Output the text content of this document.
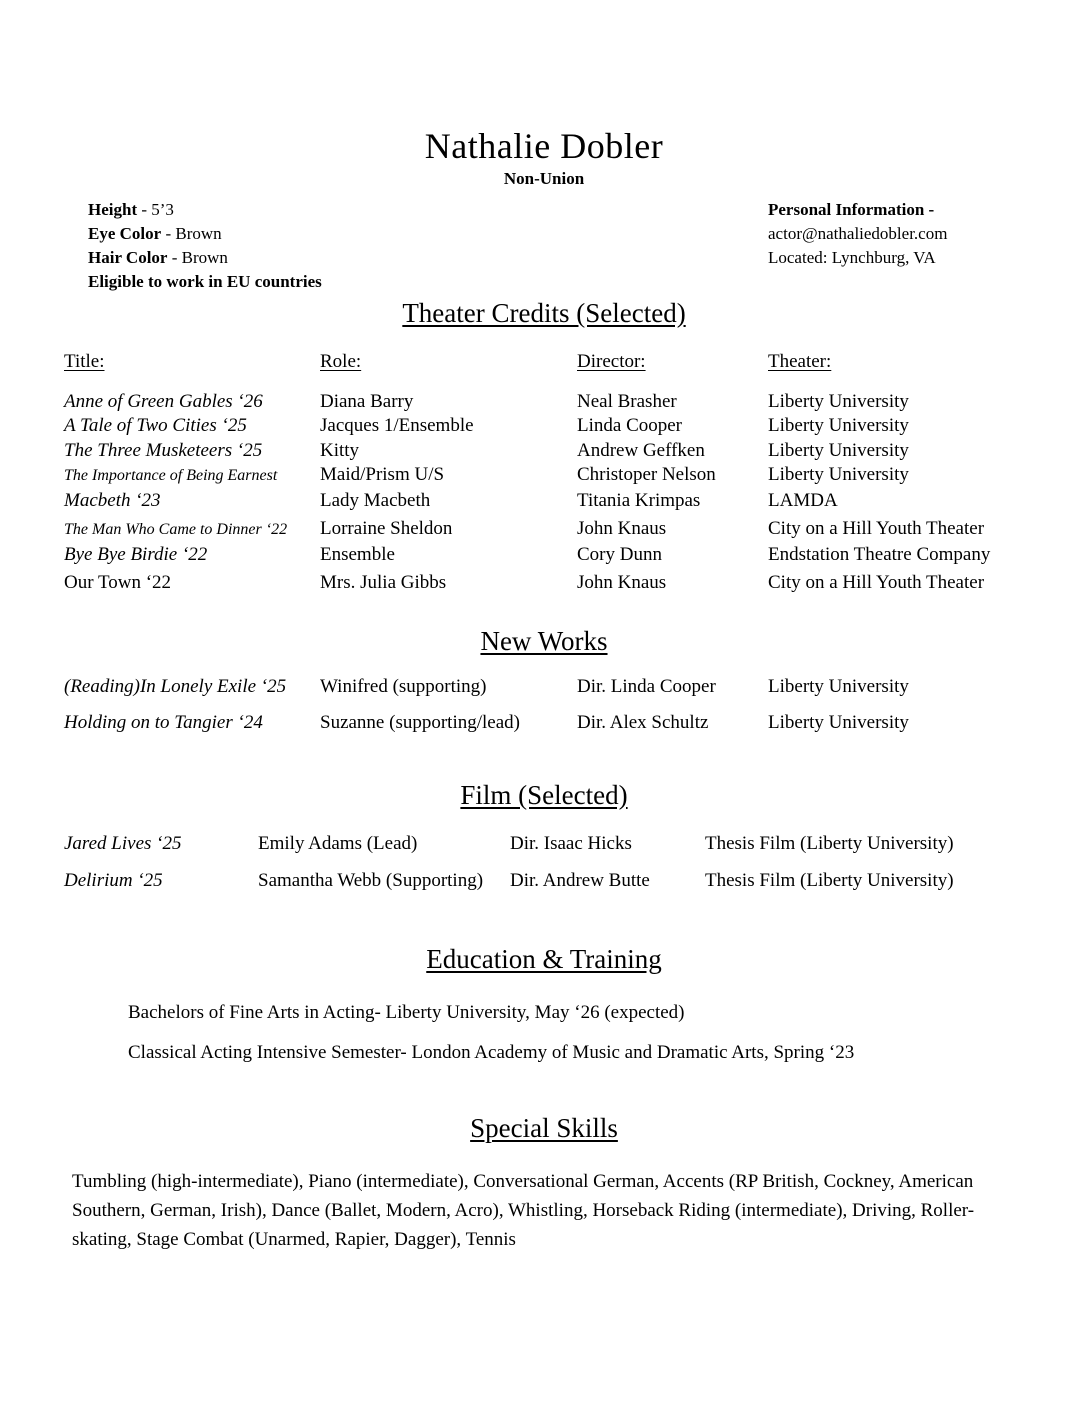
Nathalie Dobler
Non-Union
Height - 5’3
Eye Color - Brown
Hair Color - Brown
Eligible to work in EU countries
Personal Information -
actor@nathaliedobler.com
Located: Lynchburg, VA
Theater Credits (Selected)
Title:	Role:	Director:	Theater:
Anne of Green Gables ‘26	Diana Barry	Neal Brasher	Liberty University
A Tale of Two Cities ‘25	Jacques 1/Ensemble	Linda Cooper	Liberty University
The Three Musketeers ‘25	Kitty	Andrew Geffken	Liberty University
The Importance of Being Earnest	Maid/Prism U/S	Christoper Nelson	Liberty University
Macbeth ‘23	Lady Macbeth	Titania Krimpas	LAMDA
The Man Who Came to Dinner ‘22	Lorraine Sheldon	John Knaus	City on a Hill Youth Theater
Bye Bye Birdie ‘22	Ensemble	Cory Dunn	Endstation Theatre Company
Our Town ‘22	Mrs. Julia Gibbs	John Knaus	City on a Hill Youth Theater
New Works
(Reading)In Lonely Exile ‘25	Winifred (supporting)	Dir. Linda Cooper	Liberty University
Holding on to Tangier ‘24	Suzanne (supporting/lead)	Dir. Alex Schultz	Liberty University
Film (Selected)
Jared Lives ‘25	Emily Adams (Lead)	Dir. Isaac Hicks	Thesis Film (Liberty University)
Delirium ‘25	Samantha Webb (Supporting)	Dir. Andrew Butte	Thesis Film (Liberty University)
Education & Training
Bachelors of Fine Arts in Acting- Liberty University, May ‘26 (expected)
Classical Acting Intensive Semester- London Academy of Music and Dramatic Arts, Spring ‘23
Special Skills
Tumbling (high-intermediate), Piano (intermediate), Conversational German, Accents (RP British, Cockney, American Southern, German, Irish), Dance (Ballet, Modern, Acro), Whistling, Horseback Riding (intermediate), Driving, Roller-skating, Stage Combat (Unarmed, Rapier, Dagger), Tennis
